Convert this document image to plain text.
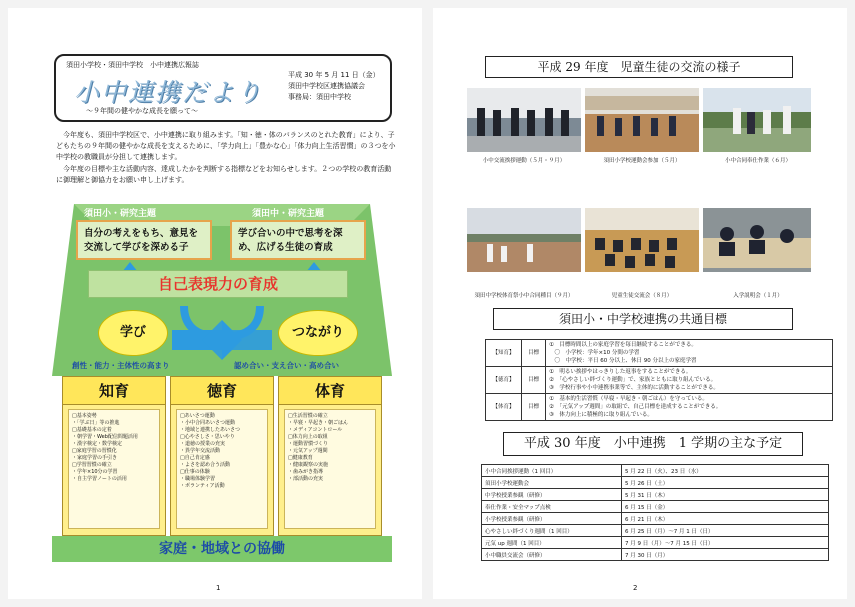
須田小学校・須田中学校　小中連携広報誌
小中連携だより
～９年間の健やかな成長を願って～
平成 30 年 5 月 11 日（金）
須田中学校区連携協議会
事務局：須田中学校

今年度も、須田中学校区で、小中連携に取り組みます。「知・徳・体のバランスのとれた教育」により、子どもたちの９年間の健やかな成長を支えるために、「学力向上」「豊かな心」「体力向上生活習慣」の３つを小中学校の教職員が分担して連携します。

今年度の目標や主な活動内容、達成したかを判断する指標などをお知らせします。２つの学校の教育活動に御理解と御協力をお願い申し上げます。

須田小・研究主題	須田中・研究主題
自分の考えをもち、意見を交流して学びを深める子
学び合いの中で思考を深め、広げる生徒の育成
自己表現力の育成
学び	つながり
創性・能力・主体性の高まり	認め合い・支え合い・高め合い
知育
□基本姿勢
・「学ぶ日」等の推進
□基礎基本の定着
・朝学習・Web配信問題活用
・漢字検定・数学検定
□家庭学習の習慣化
・家庭学習の手引き
□学習習慣の確立
・学年×10分の学習
・自主学習ノートの活用
徳育
□あいさつ運動
・小中合同あいさつ運動
・地域と連携したあいさつ
□心やさしさ・思いやり
・道徳の授業の充実
・異学年交流活動
□自己肯定感
・よさを認め合う活動
□仕事の体験
・職場体験学習
・ボランティア活動
体育
□生活習慣の確立
・早寝・早起き・朝ごはん
・メディアコントロール
□体力向上の取組
・運動習慣づくり
・元気アップ週間
□健康教育
・健康観察の実施
・歯みがき指導
・部活動の充実
家庭・地域との協働
1
平成 29 年度　児童生徒の交流の様子
小中交流挨拶運動（５月・９月）	須田小学校運動会参加（５月）	小中合同奉仕作業（６月）
須田中学校体育祭小中合同種目（９月）	児童生徒交流会（８月）	入学説明会（１月）
須田小・中学校連携の共通目標
【知育】	目標	①　目標時間以上の家庭学習を毎日継続することができる。
　〇　小学校：学年×10 分間の学習
　〇　中学校：平日 60 分以上、休日 90 分以上の家庭学習

【徳育】	目標	①　明るい挨拶やはっきりした返事をすることができる。
②　「心やさしい絆づくり運動」で、家族とともに取り組んでいる。
③　学校行事や小中連携事業等で、主体的に活動することができる。

【体育】	目標	①　基本的生活習慣（早寝・早起き・朝ごはん）を守っている。
②　「元気アップ週間」の取組で、自己目標を達成することができる。
③　体力向上に積極的に取り組んでいる。
平成 30 年度　小中連携　1 学期の主な予定
小中合同挨拶運動（1 回目）	5 月 22 日（火）、23 日（水）
須田小学校運動会	5 月 26 日（土）
中学校授業参観（研修）	5 月 31 日（木）
奉仕作業・安全マップ点検	6 月 15 日（金）
小学校授業参観（研修）	6 月 21 日（木）
心やさしい絆づくり週間（1 回目）	6 月 25 日（月）〜7 月 1 日（日）
元気 up 週間（1 回目）	7 月 9 日（月）〜7 月 15 日（日）
小中職員交流会（研修）	7 月 30 日（月）
2
